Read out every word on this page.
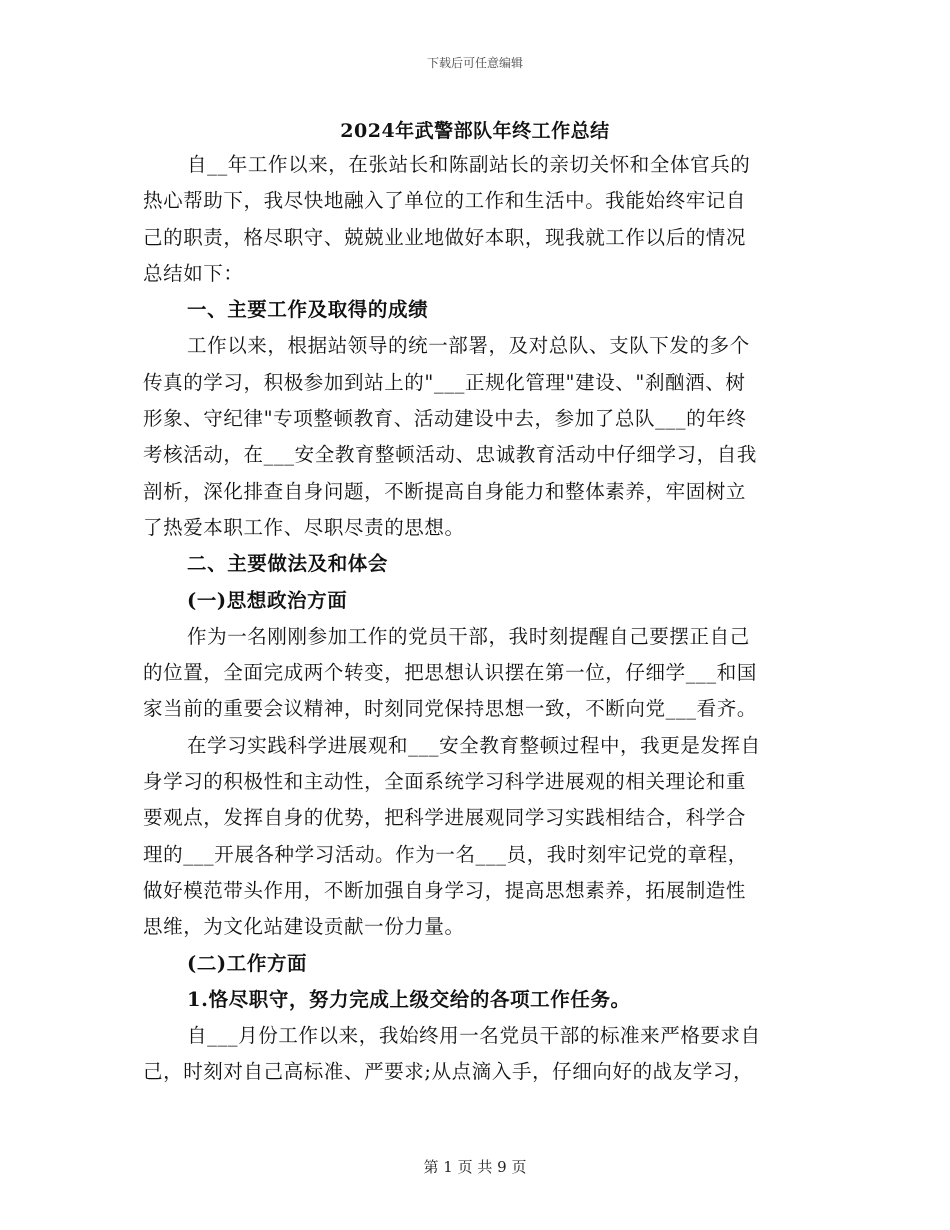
下载后可任意编辑
2024年武警部队年终工作总结
自__年工作以来，在张站长和陈副站长的亲切关怀和全体官兵的
热心帮助下，我尽快地融入了单位的工作和生活中。我能始终牢记自
己的职责，格尽职守、兢兢业业地做好本职，现我就工作以后的情况
总结如下：
一、主要工作及取得的成绩
工作以来，根据站领导的统一部署，及对总队、支队下发的多个
传真的学习，积极参加到站上的"___正规化管理"建设、"刹酗酒、树
形象、守纪律"专项整顿教育、活动建设中去，参加了总队___的年终
考核活动，在___安全教育整顿活动、忠诚教育活动中仔细学习，自我
剖析，深化排查自身问题，不断提高自身能力和整体素养，牢固树立
了热爱本职工作、尽职尽责的思想。
二、主要做法及和体会
(一)思想政治方面
作为一名刚刚参加工作的党员干部，我时刻提醒自己要摆正自己
的位置，全面完成两个转变，把思想认识摆在第一位，仔细学___和国
家当前的重要会议精神，时刻同党保持思想一致，不断向党___看齐。
在学习实践科学进展观和___安全教育整顿过程中，我更是发挥自
身学习的积极性和主动性，全面系统学习科学进展观的相关理论和重
要观点，发挥自身的优势，把科学进展观同学习实践相结合，科学合
理的___开展各种学习活动。作为一名___员，我时刻牢记党的章程，
做好模范带头作用，不断加强自身学习，提高思想素养，拓展制造性
思维，为文化站建设贡献一份力量。
(二)工作方面
1.恪尽职守，努力完成上级交给的各项工作任务。
自___月份工作以来，我始终用一名党员干部的标准来严格要求自
己，时刻对自己高标准、严要求;从点滴入手，仔细向好的战友学习，
第 1 页 共 9 页
